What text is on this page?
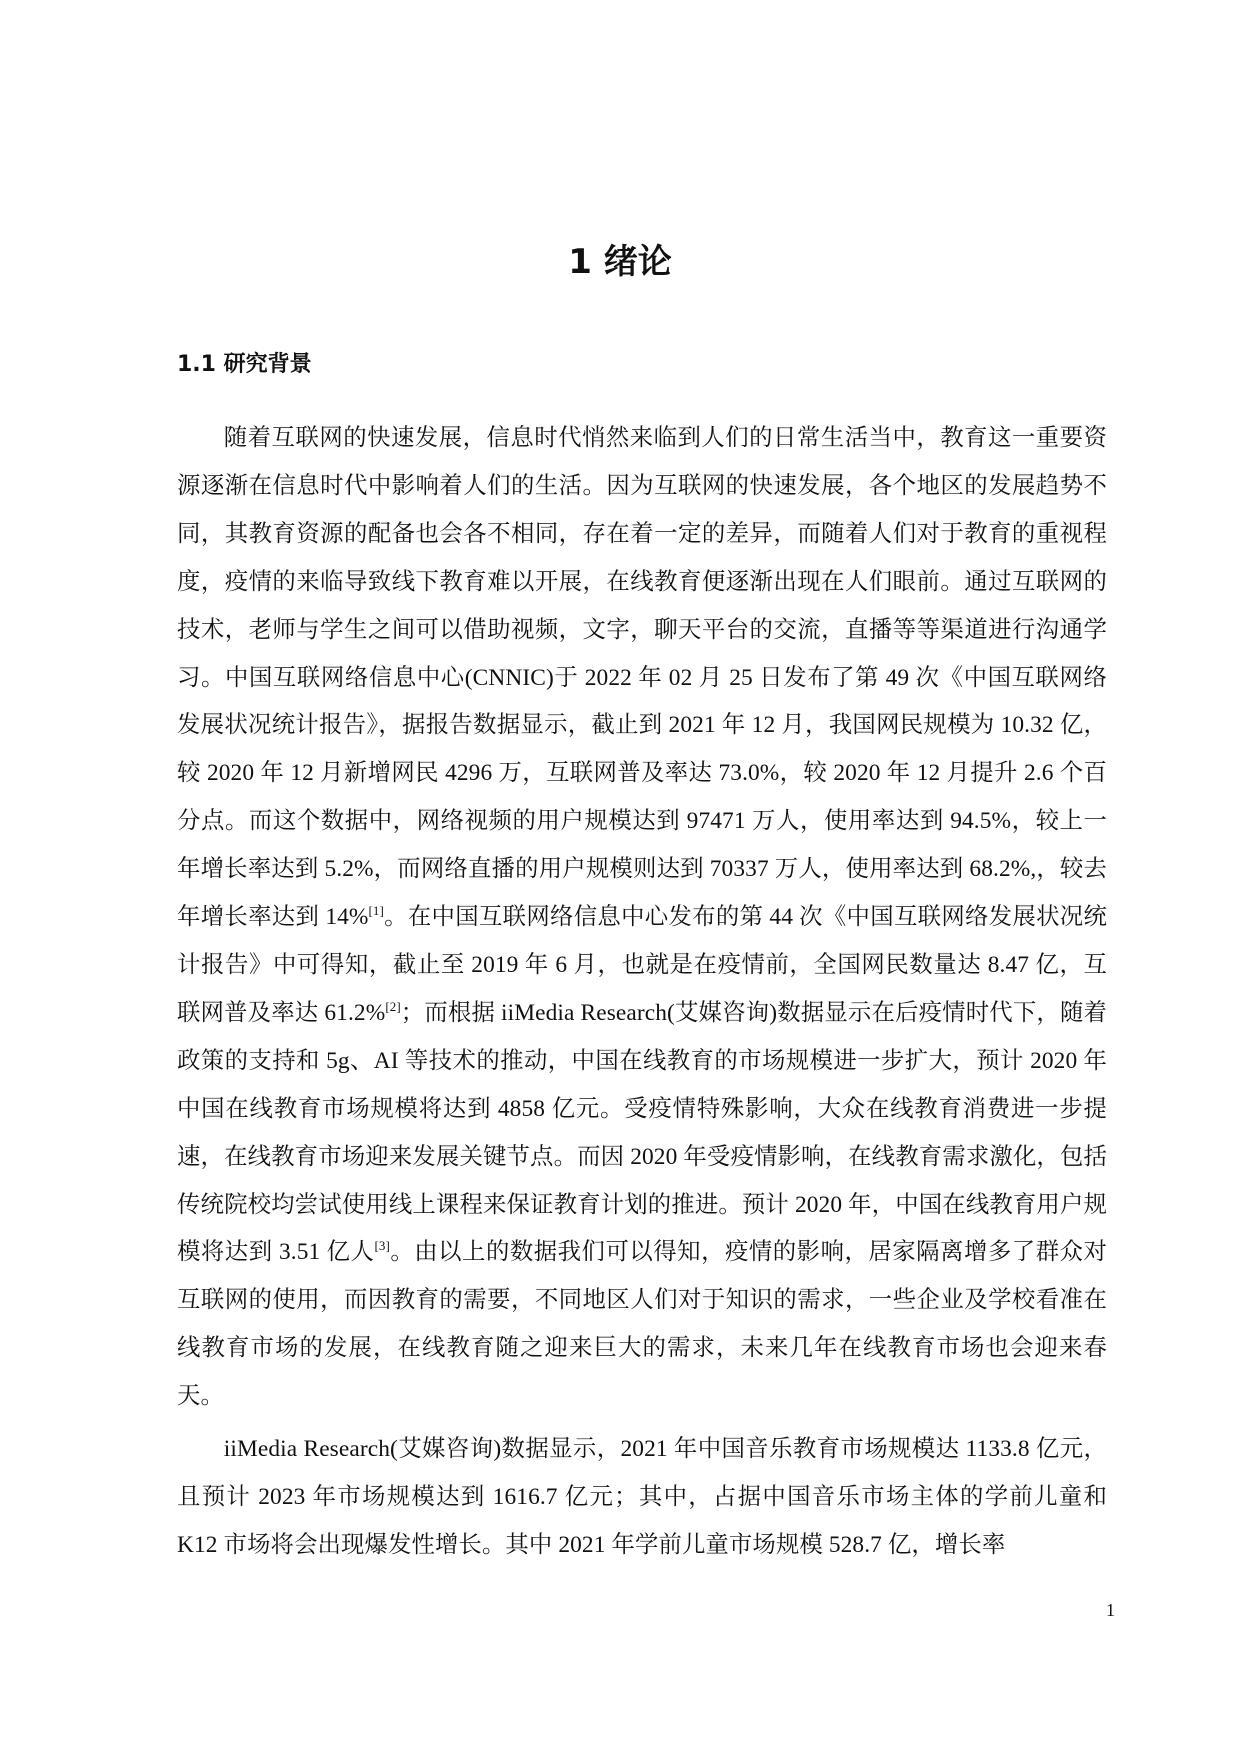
1 绪论
1.1 研究背景

随着互联网的快速发展，信息时代悄然来临到人们的日常生活当中，教育这一重要资源逐渐在信息时代中影响着人们的生活。因为互联网的快速发展，各个地区的发展趋势不同，其教育资源的配备也会各不相同，存在着一定的差异，而随着人们对于教育的重视程度，疫情的来临导致线下教育难以开展，在线教育便逐渐出现在人们眼前。通过互联网的技术，老师与学生之间可以借助视频，文字，聊天平台的交流，直播等等渠道进行沟通学习。中国互联网络信息中心(CNNIC)于 2022 年 02 月 25 日发布了第 49 次《中国互联网络发展状况统计报告》，据报告数据显示，截止到 2021 年 12 月，我国网民规模为 10.32 亿，较 2020 年 12 月新增网民 4296 万，互联网普及率达 73.0%，较 2020 年 12 月提升 2.6 个百分点。而这个数据中，网络视频的用户规模达到 97471 万人，使用率达到 94.5%，较上一年增长率达到 5.2%，而网络直播的用户规模则达到 70337 万人，使用率达到 68.2%,，较去年增长率达到 14%[1]。在中国互联网络信息中心发布的第 44 次《中国互联网络发展状况统计报告》中可得知，截止至 2019 年 6 月，也就是在疫情前，全国网民数量达 8.47 亿，互联网普及率达 61.2%[2]；而根据 iiMedia Research(艾媒咨询)数据显示在后疫情时代下，随着政策的支持和 5g、AI 等技术的推动，中国在线教育的市场规模进一步扩大，预计 2020 年中国在线教育市场规模将达到 4858 亿元。受疫情特殊影响，大众在线教育消费进一步提速，在线教育市场迎来发展关键节点。而因 2020 年受疫情影响，在线教育需求激化，包括传统院校均尝试使用线上课程来保证教育计划的推进。预计 2020 年，中国在线教育用户规模将达到 3.51 亿人[3]。由以上的数据我们可以得知，疫情的影响，居家隔离增多了群众对互联网的使用，而因教育的需要，不同地区人们对于知识的需求，一些企业及学校看准在线教育市场的发展，在线教育随之迎来巨大的需求，未来几年在线教育市场也会迎来春天。

iiMedia Research(艾媒咨询)数据显示，2021 年中国音乐教育市场规模达 1133.8 亿元，且预计 2023 年市场规模达到 1616.7 亿元；其中，占据中国音乐市场主体的学前儿童和 K12 市场将会出现爆发性增长。其中 2021 年学前儿童市场规模 528.7 亿，增长率

1
